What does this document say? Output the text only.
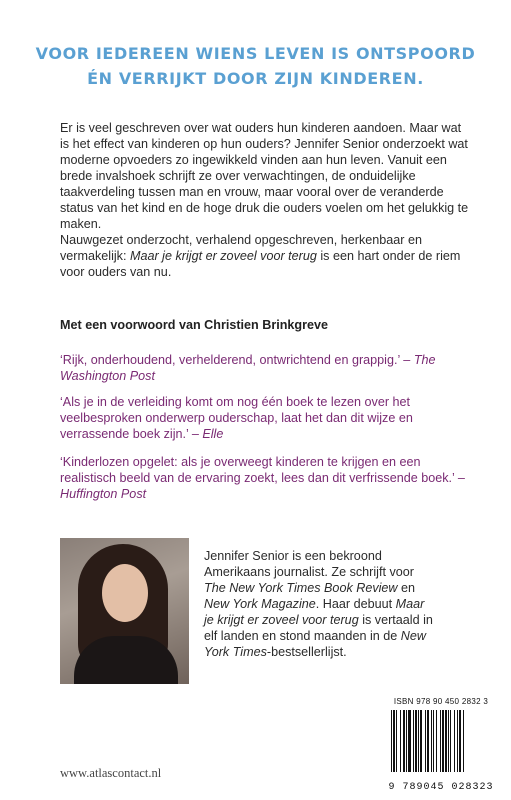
VOOR IEDEREEN WIENS LEVEN IS ONTSPOORD
ÉN VERRIJKT DOOR ZIJN KINDEREN.

Er is veel geschreven over wat ouders hun kinderen aandoen. Maar wat is het effect van kinderen op hun ouders? Jennifer Senior onderzoekt wat moderne opvoeders zo ingewikkeld vinden aan hun leven. Vanuit een brede invalshoek schrijft ze over verwachtingen, de onduidelijke taakverdeling tussen man en vrouw, maar vooral over de veranderde status van het kind en de hoge druk die ouders voelen om het gelukkig te maken.

Nauwgezet onderzocht, verhalend opgeschreven, herkenbaar en vermakelijk: Maar je krijgt er zoveel voor terug is een hart onder de riem voor ouders van nu.

Met een voorwoord van Christien Brinkgreve
‘Rijk, onderhoudend, verhelderend, ontwrichtend en grappig.’ – The Washington Post
‘Als je in de verleiding komt om nog één boek te lezen over het veelbesproken onderwerp ouderschap, laat het dan dit wijze en verrassende boek zijn.’ – Elle
‘Kinderlozen opgelet: als je overweegt kinderen te krijgen en een realistisch beeld van de ervaring zoekt, lees dan dit verfrissende boek.’ – Huffington Post
Jennifer Senior is een bekroond Amerikaans journalist. Ze schrijft voor The New York Times Book Review en New York Magazine. Haar debuut Maar je krijgt er zoveel voor terug is vertaald in elf landen en stond maanden in de New York Times-bestsellerlijst.
ISBN 978 90 450 2832 3
9 789045 028323
www.atlascontact.nl
